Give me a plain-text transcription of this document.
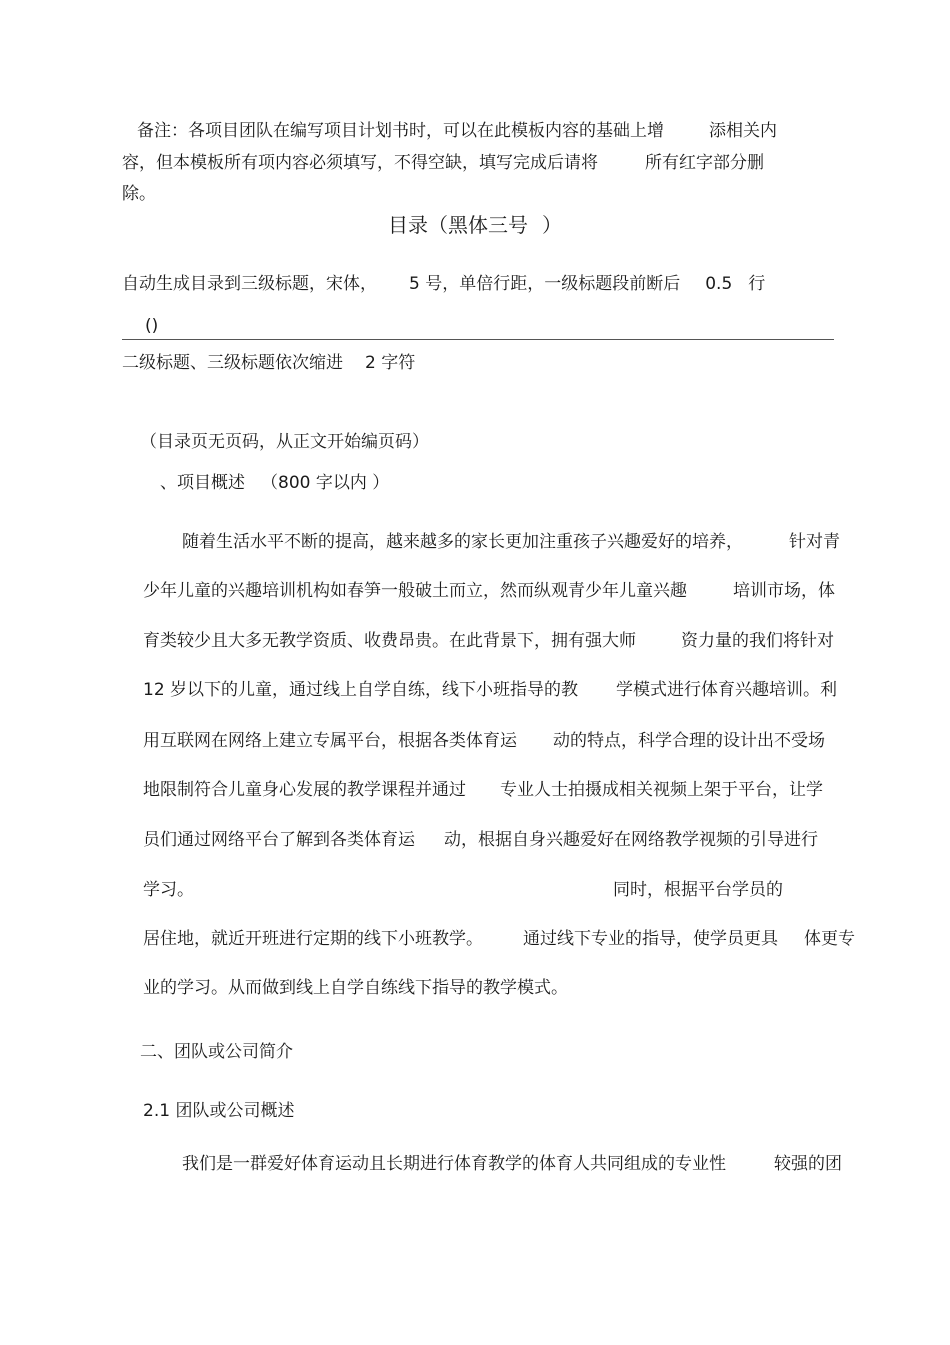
备注：各项目团队在编写项目计划书时，可以在此模板内容的基础上增	添相关内
容，但本模板所有项内容必须填写，不得空缺，填写完成后请将	所有红字部分删
除。
目录（黑体三号 ）
自动生成目录到三级标题，宋体， 5 号，单倍行距，一级标题段前断后 0.5 行
()
二级标题、三级标题依次缩进 2 字符
（目录页无页码，从正文开始编页码）
、项目概述 （800 字以内 ）
随着生活水平不断的提高，越来越多的家长更加注重孩子兴趣爱好的培养，	针对青
少年儿童的兴趣培训机构如春笋一般破土而立，然而纵观青少年儿童兴趣	培训市场，体
育类较少且大多无教学资质、收费昂贵。在此背景下，拥有强大师	资力量的我们将针对
12 岁以下的儿童，通过线上自学自练，线下小班指导的教 学模式进行体育兴趣培训。利
用互联网在网络上建立专属平台，根据各类体育运 动的特点，科学合理的设计出不受场
地限制符合儿童身心发展的教学课程并通过 专业人士拍摄成相关视频上架于平台，让学
员们通过网络平台了解到各类体育运 动，根据自身兴趣爱好在网络教学视频的引导进行
学习。	同时，根据平台学员的
居住地，就近开班进行定期的线下小班教学。 通过线下专业的指导，使学员更具 体更专
业的学习。从而做到线上自学自练线下指导的教学模式。
二、团队或公司简介
2.1 团队或公司概述
我们是一群爱好体育运动且长期进行体育教学的体育人共同组成的专业性	较强的团
